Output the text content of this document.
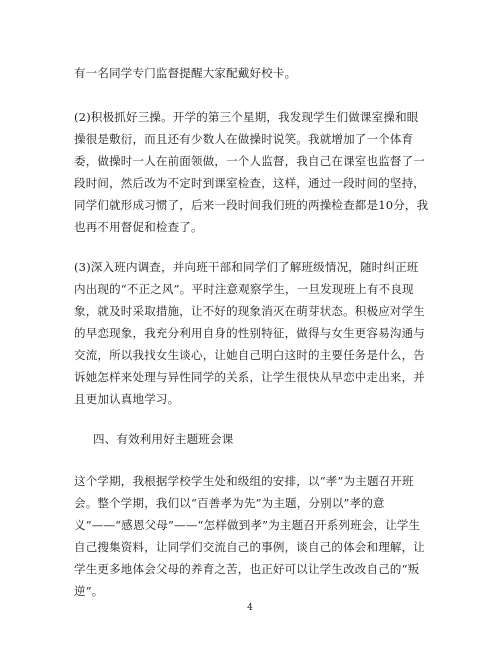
有一名同学专门监督提醒大家配戴好校卡。
(2)积极抓好三操。开学的第三个星期，我发现学生们做课室操和眼操很是敷衍，而且还有少数人在做操时说笑。我就增加了一个体育委，做操时一人在前面领做，一个人监督，我自己在课室也监督了一段时间，然后改为不定时到课室检查，这样，通过一段时间的坚持，同学们就形成习惯了，后来一段时间我们班的两操检查都是10分，我也再不用督促和检查了。
(3)深入班内调查，并向班干部和同学们了解班级情况，随时纠正班内出现的“不正之风”。平时注意观察学生，一旦发现班上有不良现象，就及时采取措施，让不好的现象消灭在萌芽状态。积极应对学生的早恋现象，我充分利用自身的性别特征，做得与女生更容易沟通与交流，所以我找女生谈心，让她自己明白这时的主要任务是什么，告诉她怎样来处理与异性同学的关系，让学生很快从早恋中走出来，并且更加认真地学习。
四、有效利用好主题班会课
这个学期，我根据学校学生处和级组的安排，以“孝”为主题召开班会。整个学期，我们以“百善孝为先”为主题，分别以”孝的意义”——“感恩父母”——“怎样做到孝”为主题召开系列班会，让学生自己搜集资料，让同学们交流自己的事例，谈自己的体会和理解，让学生更多地体会父母的养育之苦，也正好可以让学生改改自己的“叛逆”。
4
